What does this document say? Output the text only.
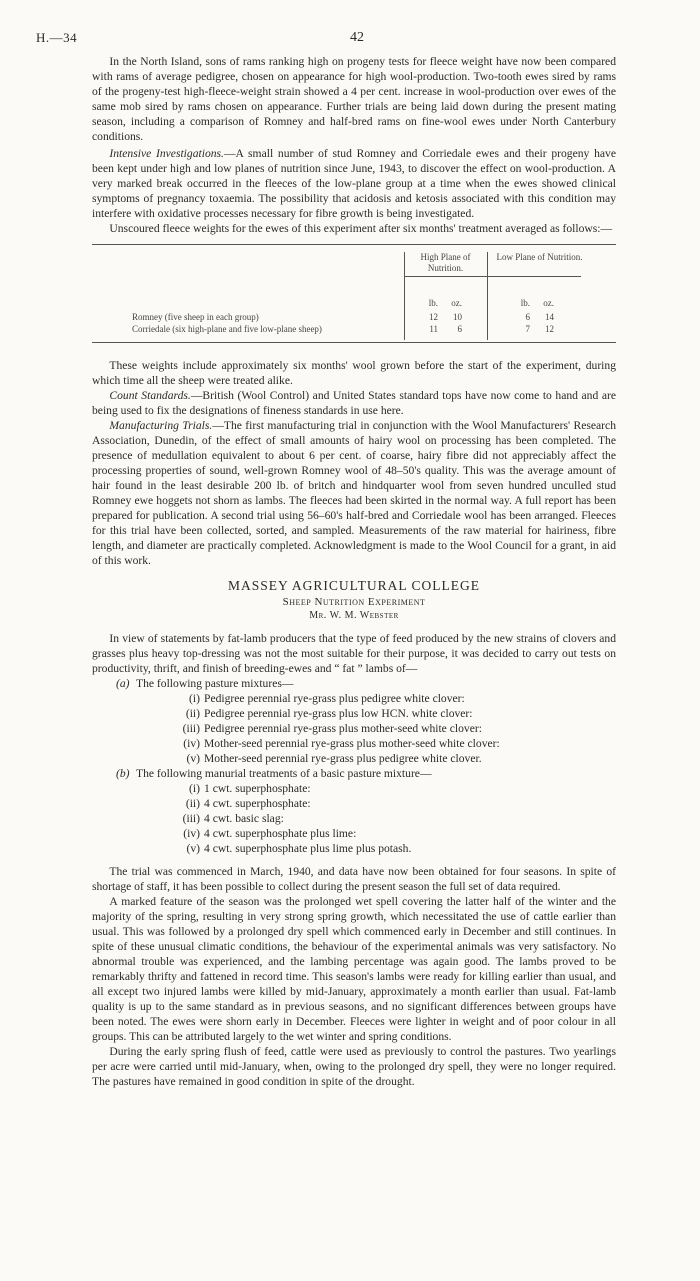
H.—34	42

In the North Island, sons of rams ranking high on progeny tests for fleece weight have now been compared with rams of average pedigree, chosen on appearance for high wool-production. Two-tooth ewes sired by rams of the progeny-test high-fleece-weight strain showed a 4 per cent. increase in wool-production over ewes of the same mob sired by rams chosen on appearance. Further trials are being laid down during the present mating season, including a comparison of Romney and half-bred rams on fine-wool ewes under North Canterbury conditions.

Intensive Investigations.—A small number of stud Romney and Corriedale ewes and their progeny have been kept under high and low planes of nutrition since June, 1943, to discover the effect on wool-production. A very marked break occurred in the fleeces of the low-plane group at a time when the ewes showed clinical symptoms of pregnancy toxaemia. The possibility that acidosis and ketosis associated with this condition may interfere with oxidative processes necessary for fibre growth is being investigated.

Unscoured fleece weights for the ewes of this experiment after six months' treatment averaged as follows:—

High Plane of Nutrition.
Low Plane of Nutrition.
lb.	oz.	lb.	oz.
Romney (five sheep in each group)	12	10	6	14
Corriedale (six high-plane and five low-plane sheep)	11	6	7	12

These weights include approximately six months' wool grown before the start of the experiment, during which time all the sheep were treated alike.

Count Standards.—British (Wool Control) and United States standard tops have now come to hand and are being used to fix the designations of fineness standards in use here.

Manufacturing Trials.—The first manufacturing trial in conjunction with the Wool Manufacturers' Research Association, Dunedin, of the effect of small amounts of hairy wool on processing has been completed. The presence of medullation equivalent to about 6 per cent. of coarse, hairy fibre did not appreciably affect the processing properties of sound, well-grown Romney wool of 48–50's quality. This was the average amount of hair found in the least desirable 200 lb. of britch and hindquarter wool from seven hundred unculled stud Romney ewe hoggets not shorn as lambs. The fleeces had been skirted in the normal way. A full report has been prepared for publication. A second trial using 56–60's half-bred and Corriedale wool has been arranged. Fleeces for this trial have been collected, sorted, and sampled. Measurements of the raw material for hairiness, fibre length, and diameter are practically completed. Acknowledgment is made to the Wool Council for a grant, in aid of this work.

MASSEY AGRICULTURAL COLLEGE
Sheep Nutrition Experiment
Mr. W. M. Webster

In view of statements by fat-lamb producers that the type of feed produced by the new strains of clovers and grasses plus heavy top-dressing was not the most suitable for their purpose, it was decided to carry out tests on productivity, thrift, and finish of breeding-ewes and “ fat ” lambs of—

(a) The following pasture mixtures—
(i) Pedigree perennial rye-grass plus pedigree white clover:
(ii) Pedigree perennial rye-grass plus low HCN. white clover:
(iii) Pedigree perennial rye-grass plus mother-seed white clover:
(iv) Mother-seed perennial rye-grass plus mother-seed white clover:
(v) Mother-seed perennial rye-grass plus pedigree white clover.
(b) The following manurial treatments of a basic pasture mixture—
(i) 1 cwt. superphosphate:
(ii) 4 cwt. superphosphate:
(iii) 4 cwt. basic slag:
(iv) 4 cwt. superphosphate plus lime:
(v) 4 cwt. superphosphate plus lime plus potash.

The trial was commenced in March, 1940, and data have now been obtained for four seasons. In spite of shortage of staff, it has been possible to collect during the present season the full set of data required.

A marked feature of the season was the prolonged wet spell covering the latter half of the winter and the majority of the spring, resulting in very strong spring growth, which necessitated the use of cattle earlier than usual. This was followed by a prolonged dry spell which commenced early in December and still continues. In spite of these unusual climatic conditions, the behaviour of the experimental animals was very satisfactory. No abnormal trouble was experienced, and the lambing percentage was again good. The lambs proved to be remarkably thrifty and fattened in record time. This season's lambs were ready for killing earlier than usual, and all except two injured lambs were killed by mid-January, approximately a month earlier than usual. Fat-lamb quality is up to the same standard as in previous seasons, and no significant differences between groups have been noted. The ewes were shorn early in December. Fleeces were lighter in weight and of poor colour in all groups. This can be attributed largely to the wet winter and spring conditions.

During the early spring flush of feed, cattle were used as previously to control the pastures. Two yearlings per acre were carried until mid-January, when, owing to the prolonged dry spell, they were no longer required. The pastures have remained in good condition in spite of the drought.
